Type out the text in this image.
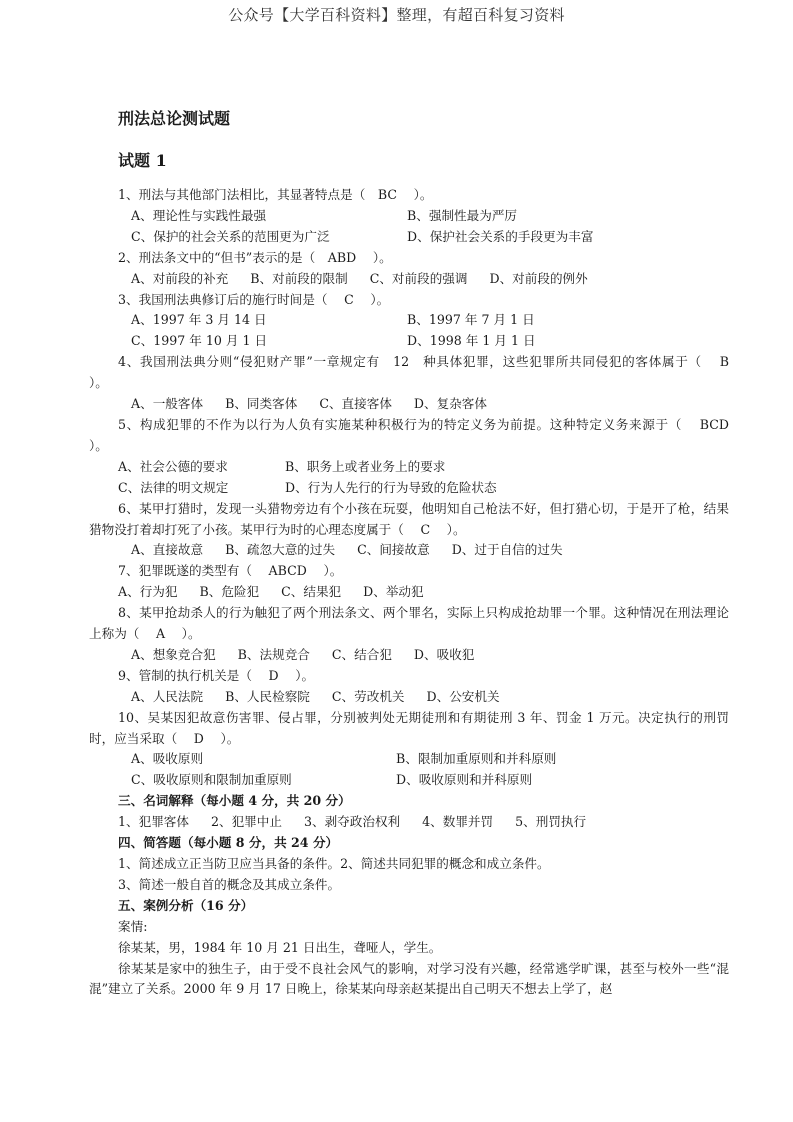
公众号【大学百科资料】整理，有超百科复习资料
刑法总论测试题
试题 1
1、刑法与其他部门法相比，其显著特点是（　BC　 ）。
A、理论性与实践性最强	B、强制性最为严厉
C、保护的社会关系的范围更为广泛	D、保护社会关系的手段更为丰富
2、刑法条文中的“但书”表示的是（　ABD　 ）。
A、对前段的补充 B、对前段的限制 C、对前段的强调 D、对前段的例外
3、我国刑法典修订后的施行时间是（　 C　 ）。
A、1997 年 3 月 14 日	B、1997 年 7 月 1 日
C、1997 年 10 月 1 日	D、1998 年 1 月 1 日
4、我国刑法典分则“侵犯财产罪”一章规定有　12　种具体犯罪，这些犯罪所共同侵犯的客体属于（　 B　 ）。
A、一般客体 B、同类客体 C、直接客体 D、复杂客体
5、构成犯罪的不作为以行为人负有实施某种积极行为的特定义务为前提。这种特定义务来源于（　 BCD　 ）。
A、社会公德的要求	B、职务上或者业务上的要求
C、法律的明文规定	D、行为人先行的行为导致的危险状态
6、某甲打猎时，发现一头猎物旁边有个小孩在玩耍，他明知自己枪法不好，但打猎心切，于是开了枪，结果猎物没打着却打死了小孩。某甲行为时的心理态度属于（　 C　 ）。
A、直接故意 B、疏忽大意的过失 C、间接故意 D、过于自信的过失
7、犯罪既遂的类型有（　 ABCD　 ）。
A、行为犯 B、危险犯 C、结果犯 D、举动犯
8、某甲抢劫杀人的行为触犯了两个刑法条文、两个罪名，实际上只构成抢劫罪一个罪。这种情况在刑法理论上称为（　 A　 ）。
A、想象竞合犯 B、法规竞合 C、结合犯 D、吸收犯
9、管制的执行机关是（　 D　 ）。
A、人民法院 B、人民检察院 C、劳改机关 D、公安机关
10、吴某因犯故意伤害罪、侵占罪，分别被判处无期徒刑和有期徒刑 3 年、罚金 1 万元。决定执行的刑罚时，应当采取（　 D　 ）。
A、吸收原则	B、限制加重原则和并科原则
C、吸收原则和限制加重原则	D、吸收原则和并科原则
三、名词解释（每小题 4 分，共 20 分）
1、犯罪客体 2、犯罪中止 3、剥夺政治权利 4、数罪并罚 5、刑罚执行
四、简答题（每小题 8 分，共 24 分）
1、简述成立正当防卫应当具备的条件。2、简述共同犯罪的概念和成立条件。
3、简述一般自首的概念及其成立条件。
五、案例分析（16 分）
案情:
徐某某，男，1984 年 10 月 21 日出生，聋哑人，学生。
徐某某是家中的独生子，由于受不良社会风气的影响，对学习没有兴趣，经常逃学旷课，甚至与校外一些“混混”建立了关系。2000 年 9 月 17 日晚上，徐某某向母亲赵某提出自己明天不想去上学了，赵
